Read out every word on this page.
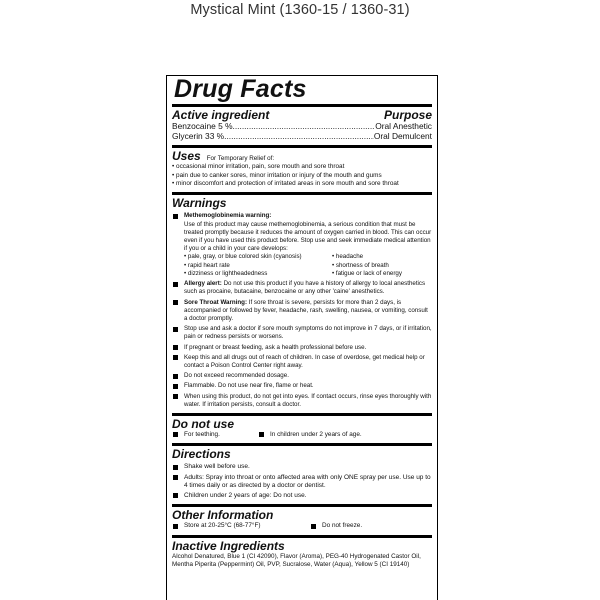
Mystical Mint (1360-15 / 1360-31)
Drug Facts
Active ingredient	Purpose
Benzocaine 5 % .....	Oral Anesthetic
Glycerin 33 % .....	Oral Demulcent
Uses For Temporary Relief of:
• occasional minor irritation, pain, sore mouth and sore throat
• pain due to canker sores, minor irritation or injury of the mouth and gums
• minor discomfort and protection of irritated areas in sore mouth and sore throat
Warnings
Methemoglobinemia warning:
Use of this product may cause methemoglobinemia, a serious condition that must be treated promptly because it reduces the amount of oxygen carried in blood. This can occur even if you have used this product before. Stop use and seek immediate medical attention if you or a child in your care develops:
• pale, gray, or blue colored skin (cyanosis)	• headache
• rapid heart rate	• shortness of breath
• dizziness or lightheadedness	• fatigue or lack of energy
Allergy alert: Do not use this product if you have a history of allergy to local anesthetics such as procaine, butacaine, benzocaine or any other 'caine' anesthetics.
Sore Throat Warning: If sore throat is severe, persists for more than 2 days, is accompanied or followed by fever, headache, rash, swelling, nausea, or vomiting, consult a doctor promptly.
Stop use and ask a doctor if sore mouth symptoms do not improve in 7 days, or if irritation, pain or redness persists or worsens.
If pregnant or breast feeding, ask a health professional before use.
Keep this and all drugs out of reach of children. In case of overdose, get medical help or contact a Poison Control Center right away.
Do not exceed recommended dosage.
Flammable. Do not use near fire, flame or heat.
When using this product, do not get into eyes. If contact occurs, rinse eyes thoroughly with water. If irritation persists, consult a doctor.
Do not use
For teething.	In children under 2 years of age.
Directions
Shake well before use.
Adults: Spray into throat or onto affected area with only ONE spray per use. Use up to 4 times daily or as directed by a doctor or dentist.
Children under 2 years of age: Do not use.
Other Information
Store at 20-25°C (68-77°F)	Do not freeze.
Inactive Ingredients
Alcohol Denatured, Blue 1 (CI 42090), Flavor (Aroma), PEG-40 Hydrogenated Castor Oil, Mentha Piperita (Peppermint) Oil, PVP, Sucralose, Water (Aqua), Yellow 5 (CI 19140)
